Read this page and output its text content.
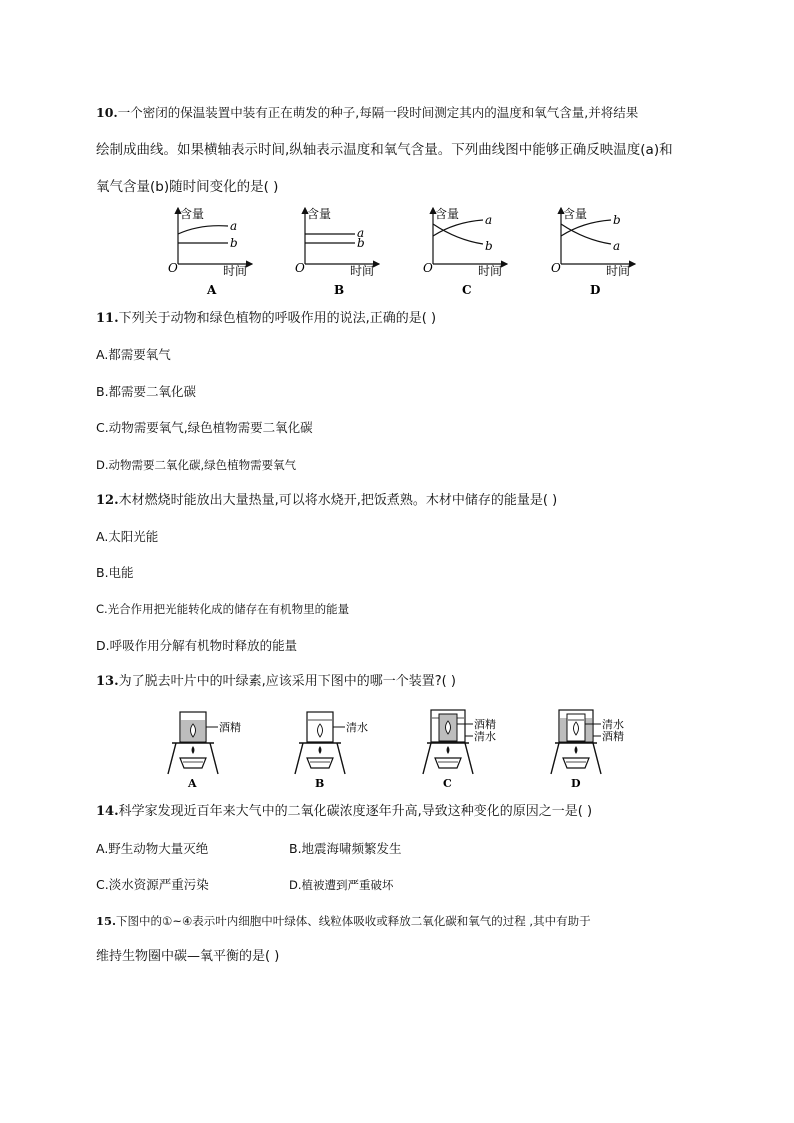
10.一个密闭的保温装置中装有正在萌发的种子,每隔一段时间测定其内的温度和氧气含量,并将结果
绘制成曲线。如果横轴表示时间,纵轴表示温度和氧气含量。下列曲线图中能够正确反映温度(a)和
氧气含量(b)随时间变化的是( )
含量
时间
O
a
b
A
含量
时间
O
a
b
B
含量
时间
O
a
b
C
含量
时间
O
b
a
D
11.下列关于动物和绿色植物的呼吸作用的说法,正确的是( )
A.都需要氧气
B.都需要二氧化碳
C.动物需要氧气,绿色植物需要二氧化碳
D.动物需要二氧化碳,绿色植物需要氧气
12.木材燃烧时能放出大量热量,可以将水烧开,把饭煮熟。木材中储存的能量是( )
A.太阳光能
B.电能
C.光合作用把光能转化成的储存在有机物里的能量
D.呼吸作用分解有机物时释放的能量
13.为了脱去叶片中的叶绿素,应该采用下图中的哪一个装置?( )
酒精
A
清水
B
酒精
清水
C
清水
酒精
D
14.科学家发现近百年来大气中的二氧化碳浓度逐年升高,导致这种变化的原因之一是( )
A.野生动物大量灭绝	B.地震海啸频繁发生
C.淡水资源严重污染	D.植被遭到严重破坏
15.下图中的①~④表示叶内细胞中叶绿体、线粒体吸收或释放二氧化碳和氧气的过程 ,其中有助于
维持生物圈中碳—氧平衡的是( )
